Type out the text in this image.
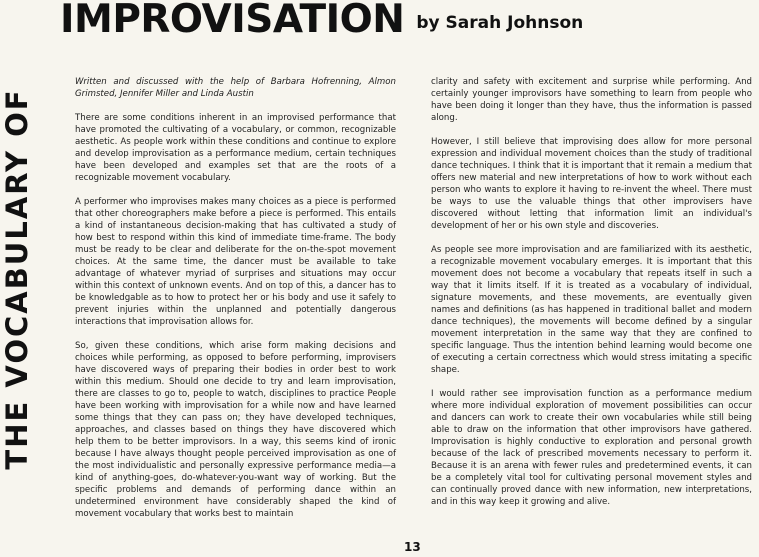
THE VOCABULARY OF
IMPROVISATION by Sarah Johnson

Written and discussed with the help of Barbara Hofrenning, Almon Grimsted, Jennifer Miller and Linda Austin

There are some conditions inherent in an improvised performance that have promoted the cultivating of a vocabulary, or common, recognizable aesthetic. As people work within these conditions and continue to explore and develop improvisation as a performance medium, certain techniques have been developed and examples set that are the roots of a recognizable movement vocabulary.

A performer who improvises makes many choices as a piece is performed that other choreographers make before a piece is performed. This entails a kind of instantaneous decision-making that has cultivated a study of how best to respond within this kind of immediate time-frame. The body must be ready to be clear and deliberate for the on-the-spot movement choices. At the same time, the dancer must be available to take advantage of whatever myriad of surprises and situations may occur within this context of unknown events. And on top of this, a dancer has to be knowledgable as to how to protect her or his body and use it safely to prevent injuries within the unplanned and potentially dangerous interactions that improvisation allows for.

So, given these conditions, which arise form making decisions and choices while performing, as opposed to before performing, improvisers have discovered ways of preparing their bodies in order best to work within this medium. Should one decide to try and learn improvisation, there are classes to go to, people to watch, disciplines to practice People have been working with improvisation for a while now and have learned some things that they can pass on; they have developed techniques, approaches, and classes based on things they have discovered which help them to be better improvisors. In a way, this seems kind of ironic because I have always thought people perceived improvisation as one of the most individualistic and personally expressive performance media—a kind of anything-goes, do-whatever-you-want way of working. But the specific problems and demands of performing dance within an undetermined environment have considerably shaped the kind of movement vocabulary that works best to maintain

clarity and safety with excitement and surprise while performing. And certainly younger improvisors have something to learn from people who have been doing it longer than they have, thus the information is passed along.

However, I still believe that improvising does allow for more personal expression and individual movement choices than the study of traditional dance techniques. I think that it is important that it remain a medium that offers new material and new interpretations of how to work without each person who wants to explore it having to re-invent the wheel. There must be ways to use the valuable things that other improvisers have discovered without letting that information limit an individual's development of her or his own style and discoveries.

As people see more improvisation and are familiarized with its aesthetic, a recognizable movement vocabulary emerges. It is important that this movement does not become a vocabulary that repeats itself in such a way that it limits itself. If it is treated as a vocabulary of individual, signature movements, and these movements, are eventually given names and definitions (as has happened in traditional ballet and modern dance techniques), the movements will become defined by a singular movement interpretation in the same way that they are confined to specific language. Thus the intention behind learning would become one of executing a certain correctness which would stress imitating a specific shape.

I would rather see improvisation function as a performance medium where more individual exploration of movement possibilities can occur and dancers can work to create their own vocabularies while still being able to draw on the information that other improvisors have gathered. Improvisation is highly conductive to exploration and personal growth because of the lack of prescribed movements necessary to perform it. Because it is an arena with fewer rules and predetermined events, it can be a completely vital tool for cultivating personal movement styles and can continually proved dance with new information, new interpretations, and in this way keep it growing and alive.

13
